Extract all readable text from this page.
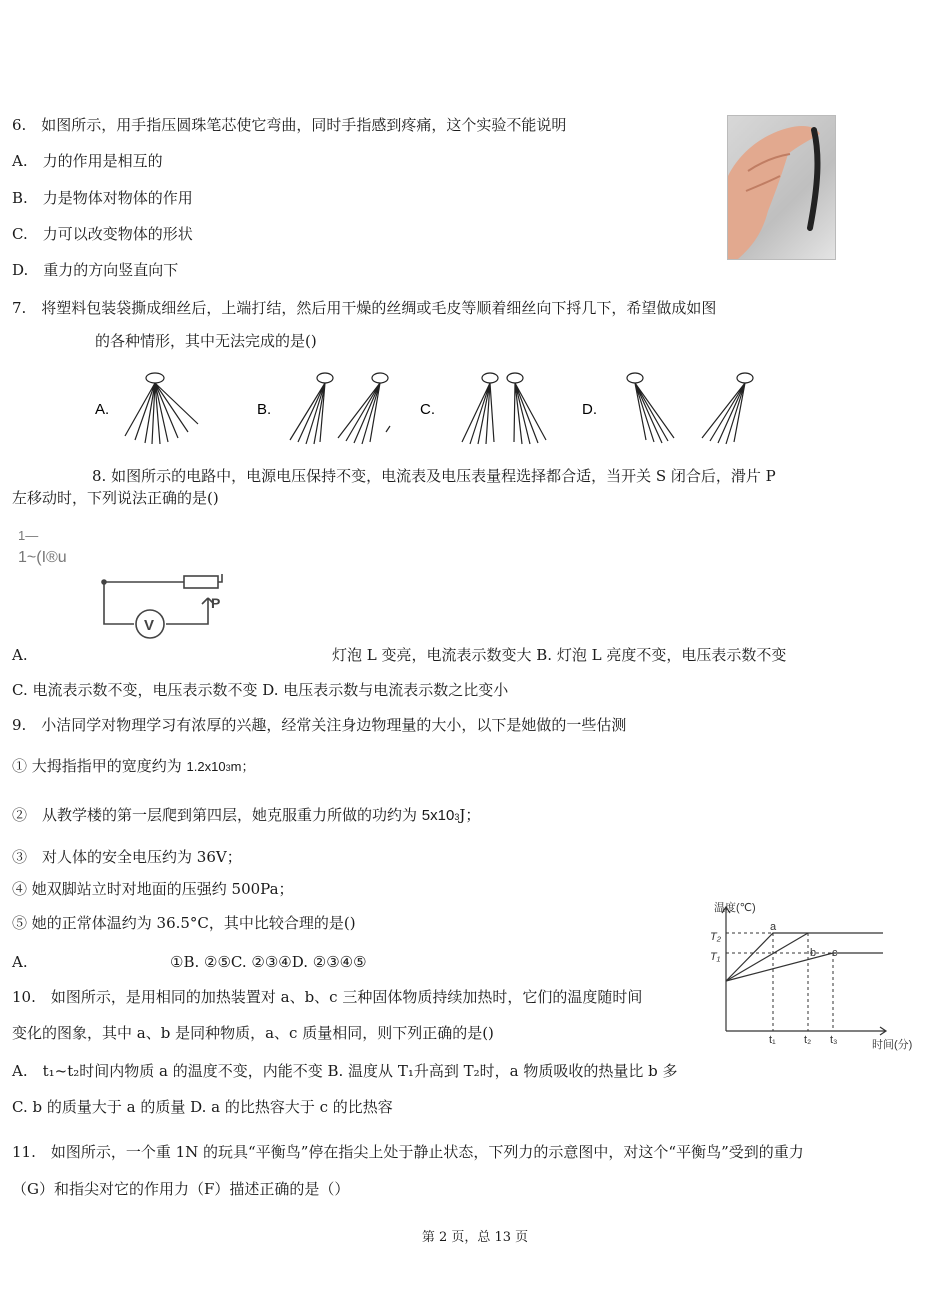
6.　如图所示，用手指压圆珠笔芯使它弯曲，同时手指感到疼痛，这个实验不能说明
A.　力的作用是相互的
B.　力是物体对物体的作用
C.　力可以改变物体的形状
D.　重力的方向竖直向下
7.　将塑料包装袋撕成细丝后，上端打结，然后用干燥的丝绸或毛皮等顺着细丝向下捋几下，希望做成如图
的各种情形，其中无法完成的是()
A.	B.	C.	D.
8. 如图所示的电路中，电源电压保持不变，电流表及电压表量程选择都合适，当开关 S 闭合后，滑片 P
左移动时，下列说法正确的是()
1—
1~(I®u
V
P
A.	灯泡 L 变亮，电流表示数变大 B. 灯泡 L 亮度不变，电压表示数不变
C. 电流表示数不变，电压表示数不变 D. 电压表示数与电流表示数之比变小
9.　小洁同学对物理学习有浓厚的兴趣，经常关注身边物理量的大小，以下是她做的一些估测
① 大拇指指甲的宽度约为 1.2x103m；
②　从教学楼的第一层爬到第四层，她克服重力所做的功约为 5x103J；
③　对人体的安全电压约为 36V；
④ 她双脚站立时对地面的压强约 500Pa；
⑤ 她的正常体温约为 36.5°C，其中比较合理的是()
A.	①B. ②⑤C. ②③④D. ②③④⑤
温度(℃)
时间(分)
T₂
T₁
t₁	t₂ t₃
a
b c
10.　如图所示，是用相同的加热装置对 a、b、c 三种固体物质持续加热时，它们的温度随时间
变化的图象，其中 a、b 是同种物质，a、c 质量相同，则下列正确的是()
A.　t₁~t₂时间内物质 a 的温度不变，内能不变 B. 温度从 T₁升高到 T₂时，a 物质吸收的热量比 b 多
C. b 的质量大于 a 的质量 D. a 的比热容大于 c 的比热容
11.　如图所示，一个重 1N 的玩具“平衡鸟”停在指尖上处于静止状态，下列力的示意图中，对这个“平衡鸟”受到的重力
（G）和指尖对它的作用力（F）描述正确的是（）
第 2 页，总 13 页
